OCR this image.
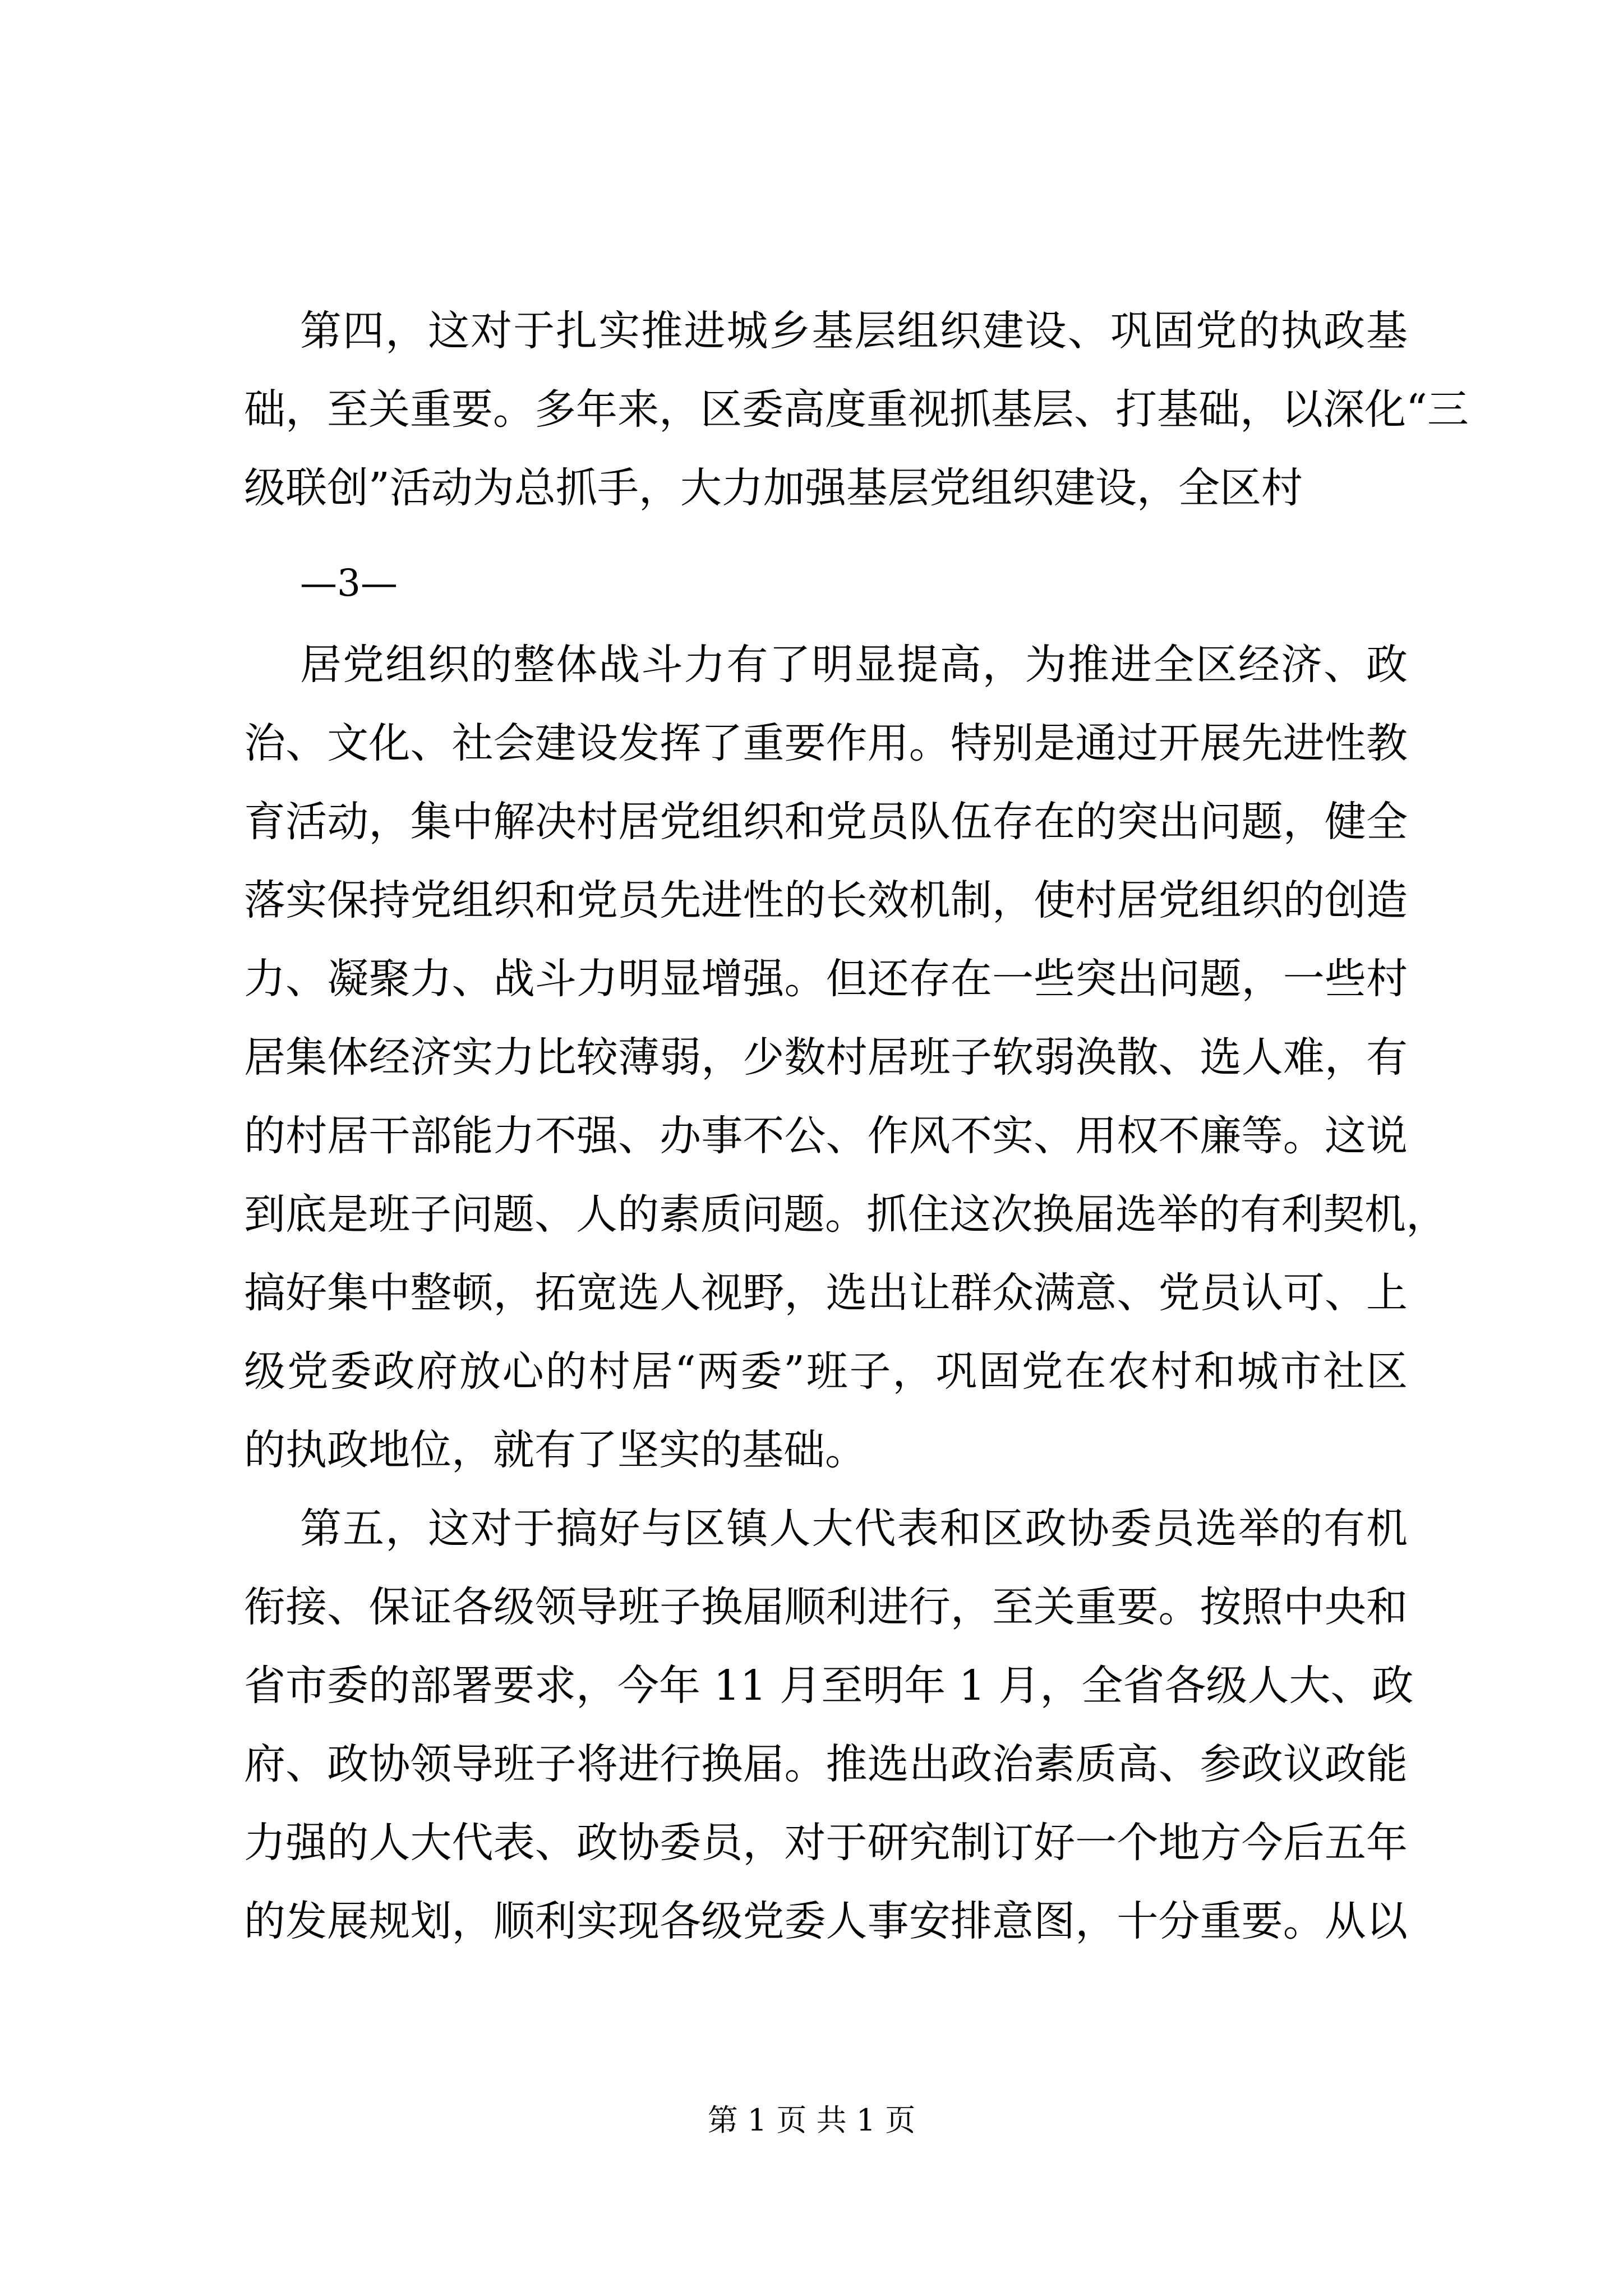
第四，这对于扎实推进城乡基层组织建设、巩固党的执政基
础，至关重要。多年来，区委高度重视抓基层、打基础，以深化“三
级联创”活动为总抓手，大力加强基层党组织建设，全区村
—3—
居党组织的整体战斗力有了明显提高，为推进全区经济、政
治、文化、社会建设发挥了重要作用。特别是通过开展先进性教
育活动，集中解决村居党组织和党员队伍存在的突出问题，健全
落实保持党组织和党员先进性的长效机制，使村居党组织的创造
力、凝聚力、战斗力明显增强。但还存在一些突出问题，一些村
居集体经济实力比较薄弱，少数村居班子软弱涣散、选人难，有
的村居干部能力不强、办事不公、作风不实、用权不廉等。这说
到底是班子问题、人的素质问题。抓住这次换届选举的有利契机，
搞好集中整顿，拓宽选人视野，选出让群众满意、党员认可、上
级党委政府放心的村居“两委”班子，巩固党在农村和城市社区
的执政地位，就有了坚实的基础。
第五，这对于搞好与区镇人大代表和区政协委员选举的有机
衔接、保证各级领导班子换届顺利进行，至关重要。按照中央和
省市委的部署要求，今年 11 月至明年 1 月，全省各级人大、政
府、政协领导班子将进行换届。推选出政治素质高、参政议政能
力强的人大代表、政协委员，对于研究制订好一个地方今后五年
的发展规划，顺利实现各级党委人事安排意图，十分重要。从以
第 1 页 共 1 页
